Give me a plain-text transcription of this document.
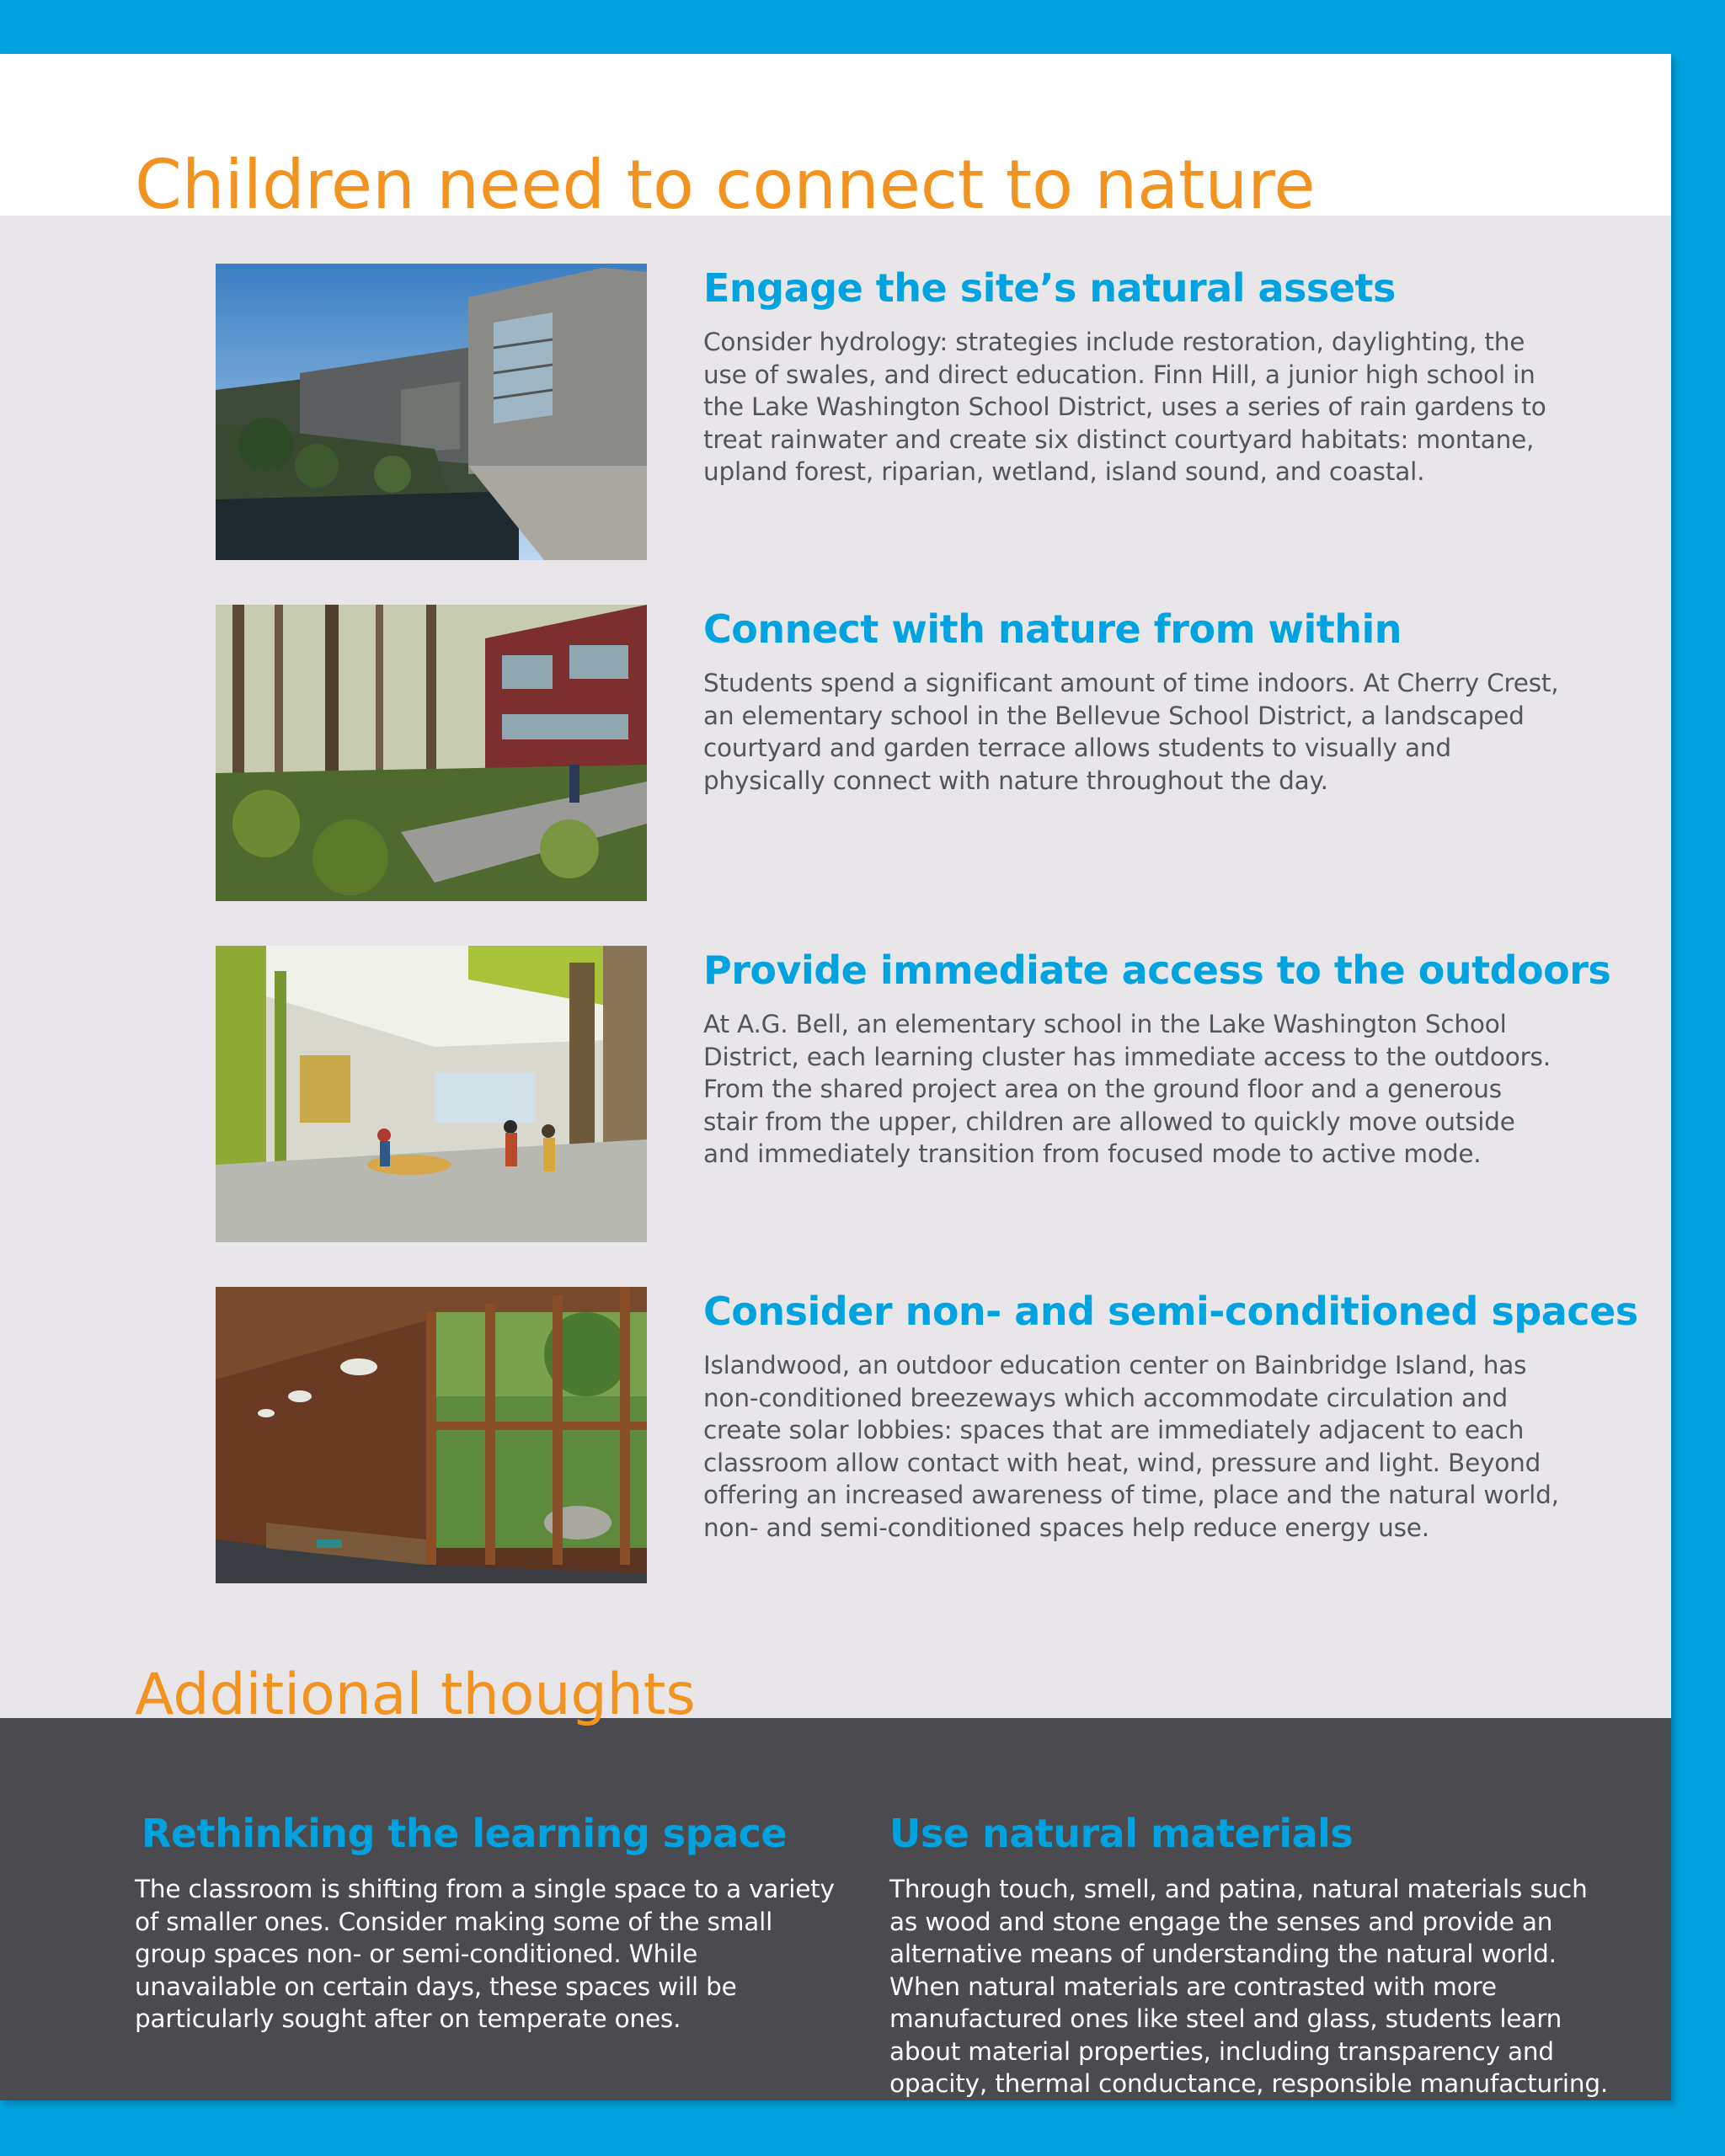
Children need to connect to nature
Engage the site’s natural assets

Consider hydrology: strategies include restoration, daylighting, the use of swales, and direct education. Finn Hill, a junior high school in the Lake Washington School District, uses a series of rain gardens to treat rainwater and create six distinct courtyard habitats: montane, upland forest, riparian, wetland, island sound, and coastal.

Connect with nature from within

Students spend a significant amount of time indoors. At Cherry Crest, an elementary school in the Bellevue School District, a landscaped courtyard and garden terrace allows students to visually and physically connect with nature throughout the day.

Provide immediate access to the outdoors

At A.G. Bell, an elementary school in the Lake Washington School District, each learning cluster has immediate access to the outdoors. From the shared project area on the ground floor and a generous stair from the upper, children are allowed to quickly move outside and immediately transition from focused mode to active mode.

Consider non- and semi-conditioned spaces

Islandwood, an outdoor education center on Bainbridge Island, has non-conditioned breezeways which accommodate circulation and create solar lobbies: spaces that are immediately adjacent to each classroom allow contact with heat, wind, pressure and light. Beyond offering an increased awareness of time, place and the natural world, non- and semi-conditioned spaces help reduce energy use.

Additional thoughts
Rethinking the learning space

The classroom is shifting from a single space to a variety of smaller ones. Consider making some of the small group spaces non- or semi-conditioned. While unavailable on certain days, these spaces will be particularly sought after on temperate ones.

Use natural materials

Through touch, smell, and patina, natural materials such as wood and stone engage the senses and provide an alternative means of understanding the natural world. When natural materials are contrasted with more manufactured ones like steel and glass, students learn about material properties, including transparency and opacity, thermal conductance, responsible manufacturing.
